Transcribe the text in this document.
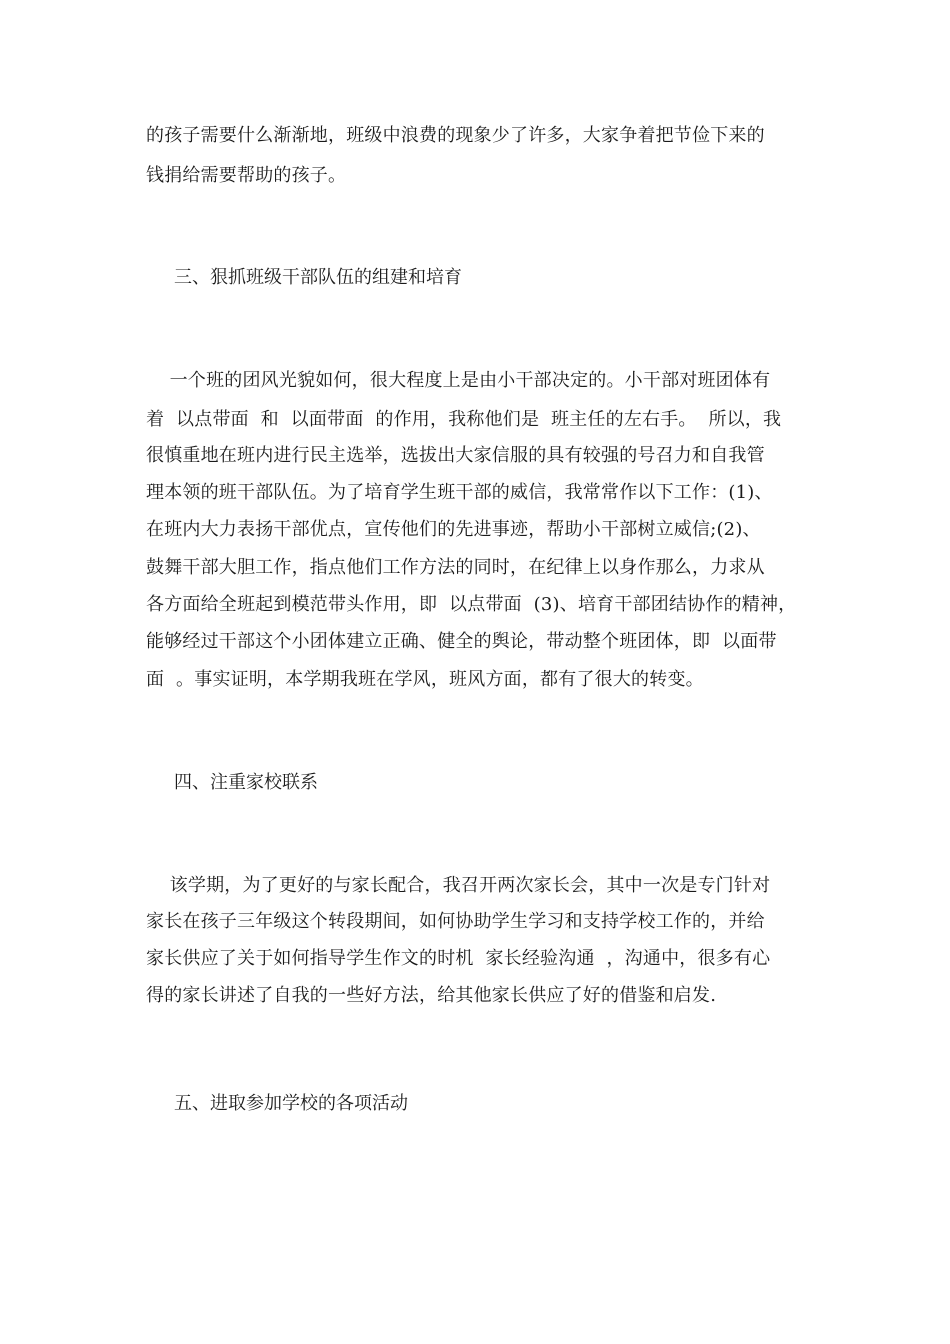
的孩子需要什么渐渐地，班级中浪费的现象少了许多，大家争着把节俭下来的
钱捐给需要帮助的孩子。
三、狠抓班级干部队伍的组建和培育
一个班的团风光貌如何，很大程度上是由小干部决定的。小干部对班团体有
着  以点带面  和  以面带面  的作用，我称他们是  班主任的左右手。  所以，我
很慎重地在班内进行民主选举，选拔出大家信服的具有较强的号召力和自我管
理本领的班干部队伍。为了培育学生班干部的威信，我常常作以下工作：(1)、
在班内大力表扬干部优点，宣传他们的先进事迹，帮助小干部树立威信;(2)、
鼓舞干部大胆工作，指点他们工作方法的同时，在纪律上以身作那么，力求从
各方面给全班起到模范带头作用，即  以点带面  (3)、培育干部团结协作的精神，
能够经过干部这个小团体建立正确、健全的舆论，带动整个班团体，即  以面带
面  。事实证明，本学期我班在学风，班风方面，都有了很大的转变。
四、注重家校联系
该学期，为了更好的与家长配合，我召开两次家长会，其中一次是专门针对
家长在孩子三年级这个转段期间，如何协助学生学习和支持学校工作的，并给
家长供应了关于如何指导学生作文的时机  家长经验沟通  ，沟通中，很多有心
得的家长讲述了自我的一些好方法，给其他家长供应了好的借鉴和启发.
五、进取参加学校的各项活动
